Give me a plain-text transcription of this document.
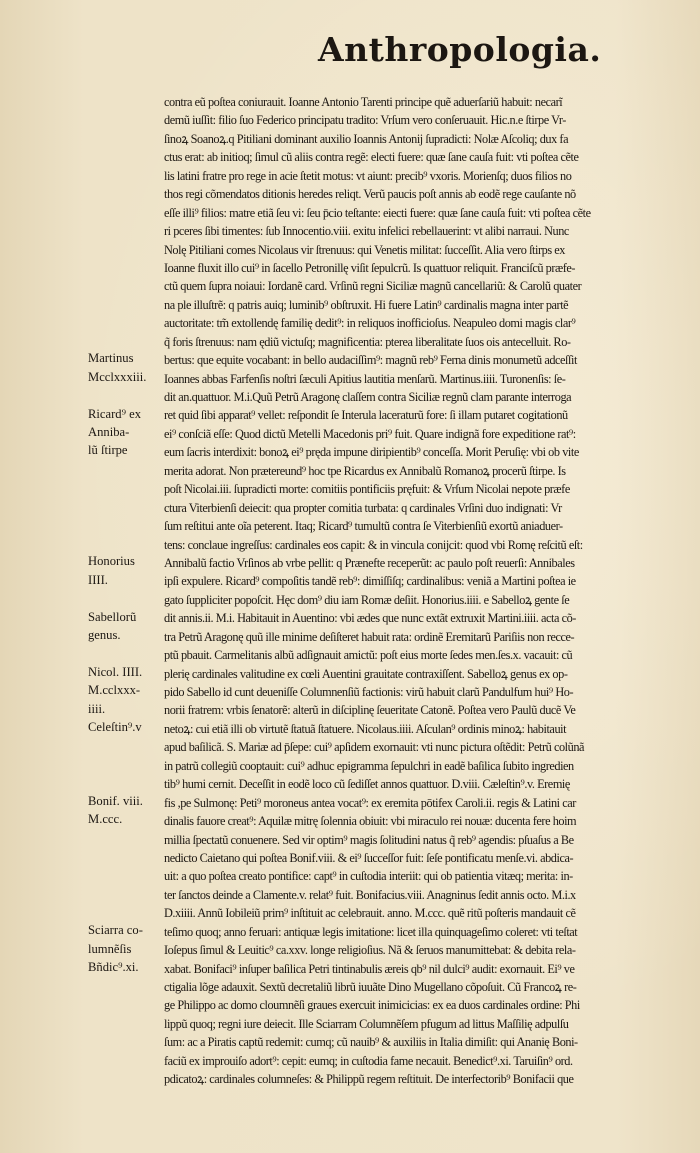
Anthropologia.
Martinus
Mcclxxxiii.
Ricard⁹ ex
Anniba-
lũ ſtirpe
Honorius
IIII.
Sabellorũ
genus.
Nicol. IIII.
M.cclxxx-
iiii.
Celeſtin⁹.v
Bonif. viii.
M.ccc.
Sciarra co-
lumnẽſis
Bñdic⁹.xi.
contra eũ poſtea coniurauit. Ioanne Antonio Tarenti principe quẽ aduerſariũ habuit: necarĩ
demũ iuſſit: filio ſuo Federico principatu tradito: Vrſum vero conſeruauit. Hic.n.e ſtirpe Vr-
ſinoꝝ Soanoꝝ.q Pitiliani dominant auxilio Ioannis Antonij ſupradicti: Nolæ Aſcoliq; dux fa
ctus erat: ab initioq; ſimul cũ aliis contra regẽ: electi fuere: quæ ſane cauſa fuit: vti poſtea cẽte
lis latini fratre pro rege in acie ſtetit motus: vt aiunt: precib⁹ vxoris. Morienſq; duos filios no
thos regi cõmendatos ditionis heredes reliqt. Verũ paucis poſt annis ab eodẽ rege cauſante nõ
eſſe illi⁹ filios: matre etiã ſeu vi: ſeu p̄cio teſtante: eiecti fuere: quæ ſane cauſa fuit: vti poſtea cẽte
ri pceres ſibi timentes: ſub Innocentio.viii. exitu infelici rebellauerint: vt alibi narraui. Nunc
Nolę Pitiliani comes Nicolaus vir ſtrenuus: qui Venetis militat: ſucceſſit. Alia vero ſtirps ex
Ioanne fluxit illo cui⁹ in ſacello Petronillę viſit ſepulcrũ. Is quattuor reliquit. Franciſcũ præfe-
ctũ quem ſupra noiaui: Iordanẽ card. Vrſinũ regni Siciliæ magnũ cancellariũ: & Carolũ quater
na ple illuſtrẽ: q patris auiq; luminib⁹ obſtruxit. Hi fuere Latin⁹ cardinalis magna inter partẽ
auctoritate: tm̃ extollendę familię dedit⁹: in reliquos inofficioſus. Neapuleo domi magis clar⁹
q̃ foris ſtrenuus: nam ędiũ victuſq; magnificentia: pterea liberalitate ſuos ois antecelluit. Ro-
bertus: que equite vocabant: in bello audaciſſim⁹: magnũ reb⁹ Ferna dinis monumetũ adceſſit
Ioannes abbas Farfenſis noſtri ſæculi Apitius lautitia menſarũ. Martinus.iiii. Turonenſis: ſe-
dit an.quattuor. M.i.Quũ Petrũ Aragonę claſſem contra Siciliæ regnũ clam parante interroga
ret quid ſibi apparat⁹ vellet: reſpondit ſe Interula laceraturũ fore: ſi illam putaret cogitationũ
ei⁹ conſciã eſſe: Quod dictũ Metelli Macedonis pri⁹ fuit. Quare indignã fore expeditione rat⁹:
eum ſacris interdixit: bonoꝝ ei⁹ pręda impune diripientib⁹ conceſſa. Morit Peruſię: vbi ob vite
merita adorat. Non prætereund⁹ hoc tpe Ricardus ex Annibalũ Romanoꝝ procerũ ſtirpe. Is
poſt Nicolai.iii. ſupradicti morte: comitiis pontificiis pręfuit: & Vrſum Nicolai nepote præfe
ctura Viterbienſi deiecit: qua propter comitia turbata: q cardinales Vrſini duo indignati: Vr
ſum reſtitui ante oĩa peterent. Itaq; Ricard⁹ tumultũ contra ſe Viterbienſiũ exortũ aniaduer-
tens: conclaue ingreſſus: cardinales eos capit: & in vincula conijcit: quod vbi Romę reſcitũ eſt:
Annibalũ factio Vrſinos ab vrbe pellit: q Prænefte receperũt: ac paulo poſt reuerſi: Annibales
ipſi expulere. Ricard⁹ compoſitis tandẽ reb⁹: dimiſſiſq; cardinalibus: veniã a Martini poſtea ie
gato ſuppliciter popoſcit. Hęc dom⁹ diu iam Romæ deſiit. Honorius.iiii. e Sabelloꝝ gente ſe
dit annis.ii. M.i. Habitauit in Auentino: vbi ædes que nunc extãt extruxit Martini.iiii. acta cõ-
tra Petrũ Aragonę quũ ille minime deſiſteret habuit rata: ordinẽ Eremitarũ Pariſiis non recce-
ptũ pbauit. Carmelitanis albũ adſignauit amictũ: poſt eius morte ſedes men.ſes.x. vacauit: cũ
plerię cardinales valitudine ex cœli Auentini grauitate contraxiſſent. Sabelloꝝ genus ex op-
pido Sabello id cunt deueniſſe Columnenſiũ factionis: virũ habuit clarũ Pandulfum hui⁹ Ho-
norii fratrem: vrbis ſenatorẽ: alterũ in diſciplinę ſeueritate Catonẽ. Poſtea vero Paulũ ducẽ Ve
netoꝝ: cui etiã illi ob virtutẽ ſtatuã ſtatuere. Nicolaus.iiii. Aſculan⁹ ordinis minoꝝ: habitauit
apud baſilicã. S. Mariæ ad p̄ſepe: cui⁹ apſidem exornauit: vti nunc pictura oſtẽdit: Petrũ colũnã
in patrũ collegiũ cooptauit: cui⁹ adhuc epigramma ſepulchri in eadẽ baſilica ſubito ingredien
tib⁹ humi cernit. Deceſſit in eodẽ loco cũ ſediſſet annos quattuor. D.viii. Cæleſtin⁹.v. Eremię
fis ,pe Sulmonę: Peti⁹ moroneus antea vocat⁹: ex eremita pōtifex Caroli.ii. regis & Latini car
dinalis fauore creat⁹: Aquilæ mitrę ſolennia obiuit: vbi miraculo rei nouæ: ducenta fere hoim
millia ſpectatũ conuenere. Sed vir optim⁹ magis ſolitudini natus q̃ reb⁹ agendis: pſuaſus a Be
nedicto Caietano qui poſtea Bonif.viii. & ei⁹ ſucceſſor fuit: ſeſe pontificatu menſe.vi. abdica-
uit: a quo poſtea creato pontifice: capt⁹ in cuſtodia interiit: qui ob patientia vitæq; merita: in-
ter ſanctos deinde a Clamente.v. relat⁹ fuit. Bonifacius.viii. Anagninus ſedit annis octo. M.i.x
D.xiiii. Annũ Iobileiũ prim⁹ inſtituit ac celebrauit. anno. M.ccc. quẽ ritũ poſteris mandauit cẽ
teſimo quoq; anno feruari: antiquæ legis imitatione: licet illa quinquageſimo coleret: vti teſtat
Ioſepus ſimul & Leuitic⁹ ca.xxv. longe religioſius. Nã & ſeruos manumittebat: & debita rela-
xabat. Bonifaci⁹ inſuper baſilica Petri tintinabulis æreis qb⁹ nil dulci⁹ audit: exornauit. Ei⁹ ve
ctigalia lõge adauxit. Sextũ decretaliũ librũ iuuãte Dino Mugellano cõpoſuit. Cũ Francoꝝ re-
ge Philippo ac domo cloumnẽſi graues exercuit inimicicias: ex ea duos cardinales ordine: Phi
lippũ quoq; regni iure deiecit. Ille Sciarram Columnẽſem pfugum ad littus Maſſilię adpulſu
ſum: ac a Piratis captũ redemit: cumq; cũ nauib⁹ & auxiliis in Italia dimiſit: qui Ananię Boni-
faciũ ex improuiſo adort⁹: cepit: eumq; in cuſtodia fame necauit. Benedict⁹.xi. Taruiſin⁹ ord.
pdicatoꝝ: cardinales columneſes: & Philippũ regem reſtituit. De interfectorib⁹ Bonifacii que
